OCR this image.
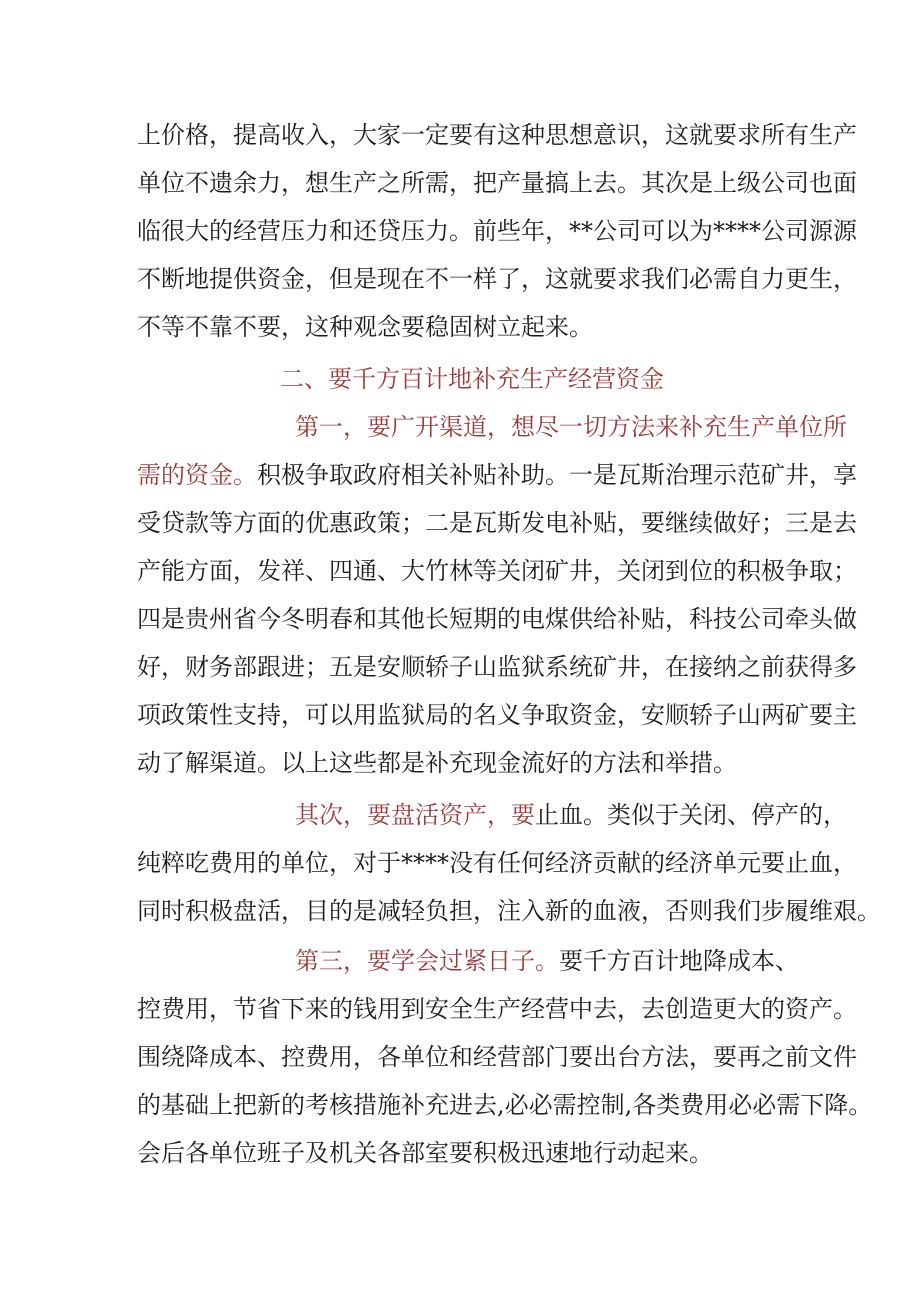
上价格，提高收入，大家一定要有这种思想意识，这就要求所有生产
单位不遗余力，想生产之所需，把产量搞上去。其次是上级公司也面
临很大的经营压力和还贷压力。前些年，**公司可以为****公司源源
不断地提供资金，但是现在不一样了，这就要求我们必需自力更生，
不等不靠不要，这种观念要稳固树立起来。
二、要千方百计地补充生产经营资金
第一，要广开渠道，想尽一切方法来补充生产单位所
需的资金。积极争取政府相关补贴补助。一是瓦斯治理示范矿井，享
受贷款等方面的优惠政策；二是瓦斯发电补贴，要继续做好；三是去
产能方面，发祥、四通、大竹林等关闭矿井，关闭到位的积极争取；
四是贵州省今冬明春和其他长短期的电煤供给补贴，科技公司牵头做
好，财务部跟进；五是安顺轿子山监狱系统矿井，在接纳之前获得多
项政策性支持，可以用监狱局的名义争取资金，安顺轿子山两矿要主
动了解渠道。以上这些都是补充现金流好的方法和举措。
其次，要盘活资产，要止血。类似于关闭、停产的，
纯粹吃费用的单位，对于****没有任何经济贡献的经济单元要止血，
同时积极盘活，目的是减轻负担，注入新的血液，否则我们步履维艰。
第三，要学会过紧日子。要千方百计地降成本、
控费用，节省下来的钱用到安全生产经营中去，去创造更大的资产。
围绕降成本、控费用，各单位和经营部门要出台方法，要再之前文件
的基础上把新的考核措施补充进去,必必需控制,各类费用必必需下降。
会后各单位班子及机关各部室要积极迅速地行动起来。
